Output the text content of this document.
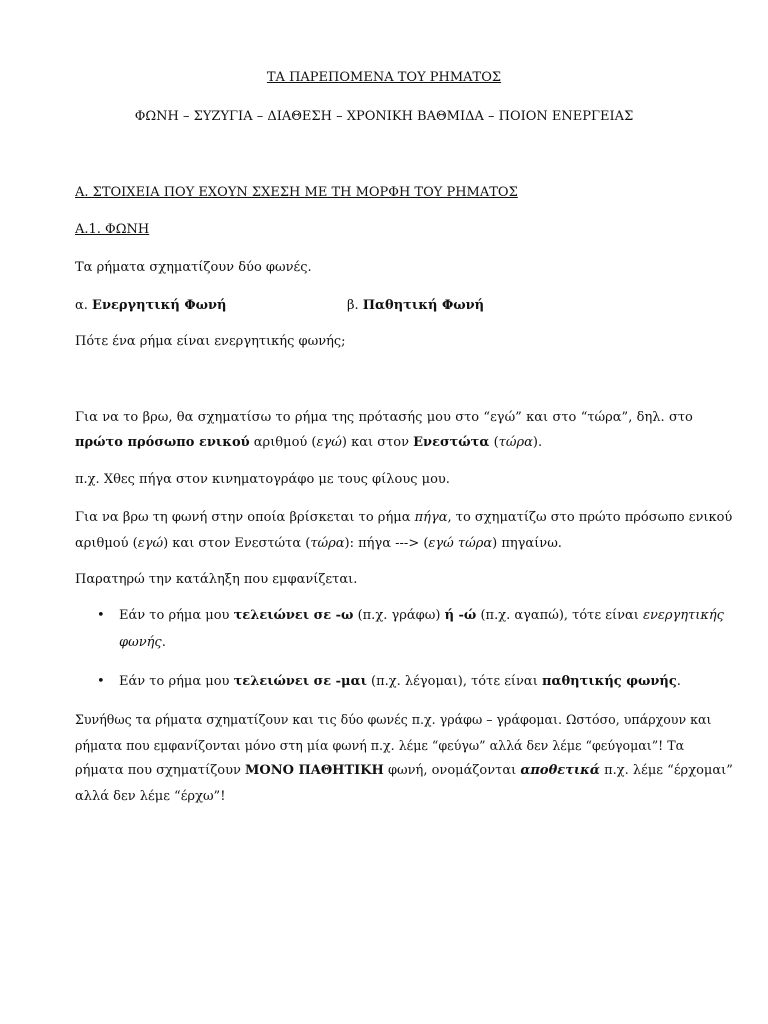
ΤΑ ΠΑΡΕΠΟΜΕΝΑ ΤΟΥ ΡΗΜΑΤΟΣ
ΦΩΝΗ – ΣΥΖΥΓΙΑ – ΔΙΑΘΕΣΗ – ΧΡΟΝΙΚΗ ΒΑΘΜΙΔΑ – ΠΟΙΟΝ ΕΝΕΡΓΕΙΑΣ
Α. ΣΤΟΙΧΕΙΑ ΠΟΥ ΕΧΟΥΝ ΣΧΕΣΗ ΜΕ ΤΗ ΜΟΡΦΗ ΤΟΥ ΡΗΜΑΤΟΣ
Α.1. ΦΩΝΗ
Τα ρήματα σχηματίζουν δύο φωνές.
α. Ενεργητική Φωνή	β. Παθητική Φωνή
Πότε ένα ρήμα είναι ενεργητικής φωνής;
Για να το βρω, θα σχηματίσω το ρήμα της πρότασής μου στο “εγώ” και στο “τώρα”, δηλ. στο
πρώτο πρόσωπο ενικού αριθμού (εγώ) και στον Ενεστώτα (τώρα).
π.χ. Χθες πήγα στον κινηματογράφο με τους φίλους μου.
Για να βρω τη φωνή στην οποία βρίσκεται το ρήμα πήγα, το σχηματίζω στο πρώτο πρόσωπο ενικού
αριθμού (εγώ) και στον Ενεστώτα (τώρα): πήγα ---> (εγώ τώρα) πηγαίνω.
Παρατηρώ την κατάληξη που εμφανίζεται.
• Εάν το ρήμα μου τελειώνει σε -ω (π.χ. γράφω) ή -ώ (π.χ. αγαπώ), τότε είναι ενεργητικής
φωνής.
• Εάν το ρήμα μου τελειώνει σε -μαι (π.χ. λέγομαι), τότε είναι παθητικής φωνής.
Συνήθως τα ρήματα σχηματίζουν και τις δύο φωνές π.χ. γράφω – γράφομαι. Ωστόσο, υπάρχουν και
ρήματα που εμφανίζονται μόνο στη μία φωνή π.χ. λέμε “φεύγω” αλλά δεν λέμε “φεύγομαι”! Τα
ρήματα που σχηματίζουν ΜΟΝΟ ΠΑΘΗΤΙΚΗ φωνή, ονομάζονται αποθετικά π.χ. λέμε “έρχομαι”
αλλά δεν λέμε “έρχω”!
